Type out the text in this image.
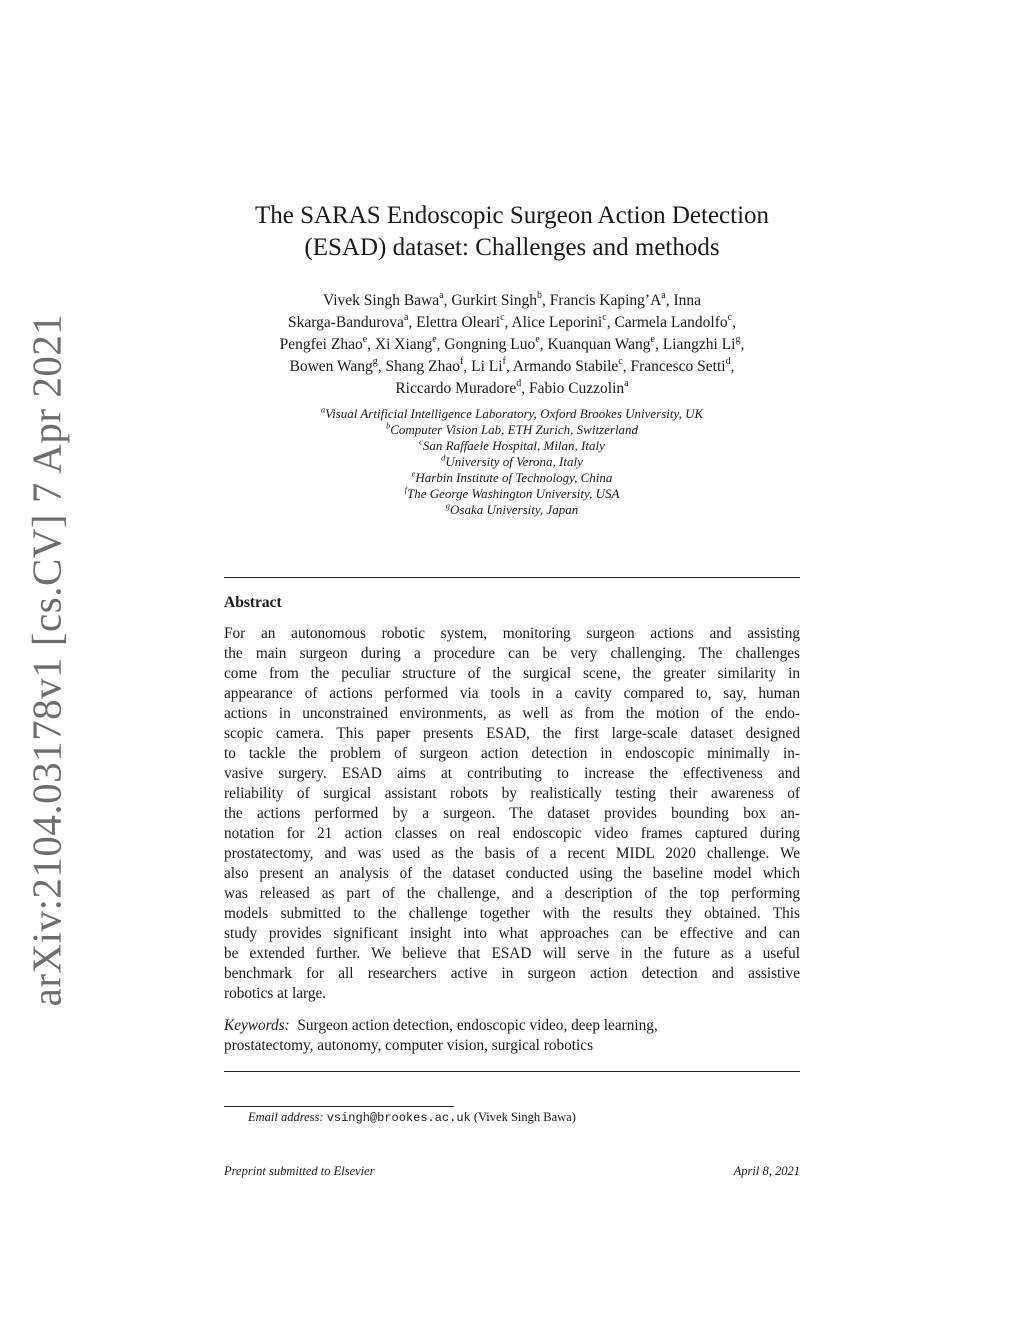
arXiv:2104.03178v1 [cs.CV] 7 Apr 2021
The SARAS Endoscopic Surgeon Action Detection
(ESAD) dataset: Challenges and methods
Vivek Singh Bawa$^a$, Gurkirt Singh$^b$, Francis $Kaping’A^a$, Inna
Skarga-Bandurova$^a$, Elettra Oleari$^c$, Alice Leporini$^c$, Carmela Landolfo$^c$,
Pengfei Zhao$^e$, Xi Xiang$^e$, Gongning Luo$^e$, Kuanquan Wang$^e$, Liangzhi Li$^g$,
Bowen Wang$^g$, Shang Zhao$^f$, Li Li$^f$, Armando Stabile$^c$, Francesco Setti$^d$,
Riccardo Muradore$^d$, Fabio Cuzzolin$^a$
$^a$Visual Artificial Intelligence Laboratory, Oxford Brookes University, UK
$^b$Computer Vision Lab, ETH Zurich, Switzerland
$^c$San Raffaele Hospital, Milan, Italy
$^d$University of Verona, Italy
$^e$Harbin Institute of Technology, China
$^f$The George Washington University, USA
$^g$Osaka University, Japan
Abstract
For an autonomous robotic system, monitoring surgeon actions and assisting
the main surgeon during a procedure can be very challenging. The challenges
come from the peculiar structure of the surgical scene, the greater similarity in
appearance of actions performed via tools in a cavity compared to, say, human
actions in unconstrained environments, as well as from the motion of the endo-
scopic camera. This paper presents ESAD, the first large-scale dataset designed
to tackle the problem of surgeon action detection in endoscopic minimally in-
vasive surgery. ESAD aims at contributing to increase the effectiveness and
reliability of surgical assistant robots by realistically testing their awareness of
the actions performed by a surgeon. The dataset provides bounding box an-
notation for 21 action classes on real endoscopic video frames captured during
prostatectomy, and was used as the basis of a recent MIDL 2020 challenge. We
also present an analysis of the dataset conducted using the baseline model which
was released as part of the challenge, and a description of the top performing
models submitted to the challenge together with the results they obtained. This
study provides significant insight into what approaches can be effective and can
be extended further. We believe that ESAD will serve in the future as a useful
benchmark for all researchers active in surgeon action detection and assistive
robotics at large.
Keywords: Surgeon action detection, endoscopic video, deep learning,
prostatectomy, autonomy, computer vision, surgical robotics
Email address: vsingh@brookes.ac.uk (Vivek Singh Bawa)
Preprint submitted to Elsevier	April 8, 2021
